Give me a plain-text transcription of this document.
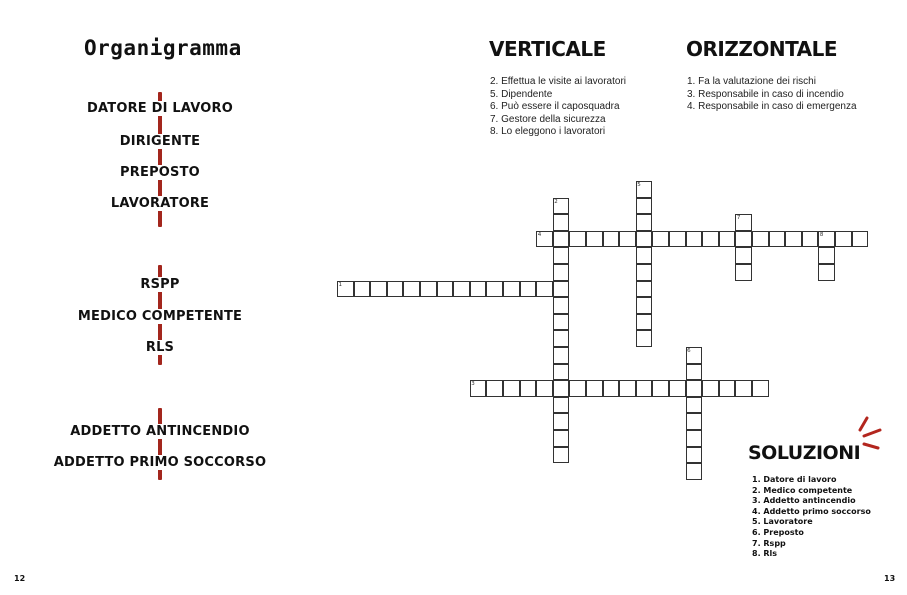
Organigramma
DATORE DI LAVORO
DIRIGENTE
PREPOSTO
LAVORATORE
RSPP
MEDICO COMPETENTE
RLS
ADDETTO ANTINCENDIO
ADDETTO PRIMO SOCCORSO
12
VERTICALE
2. Effettua le visite ai lavoratori
5. Dipendente
6. Può essere il caposquadra
7. Gestore della sicurezza
8. Lo eleggono i lavoratori
ORIZZONTALE
1. Fa la valutazione dei rischi
3. Responsabile in caso di incendio
4. Responsabile in caso di emergenza
1
2
3
4
5
6
7
8
SOLUZIONI
1. Datore di lavoro
2. Medico competente
3. Addetto antincendio
4. Addetto primo soccorso
5. Lavoratore
6. Preposto
7. Rspp
8. Rls
13
